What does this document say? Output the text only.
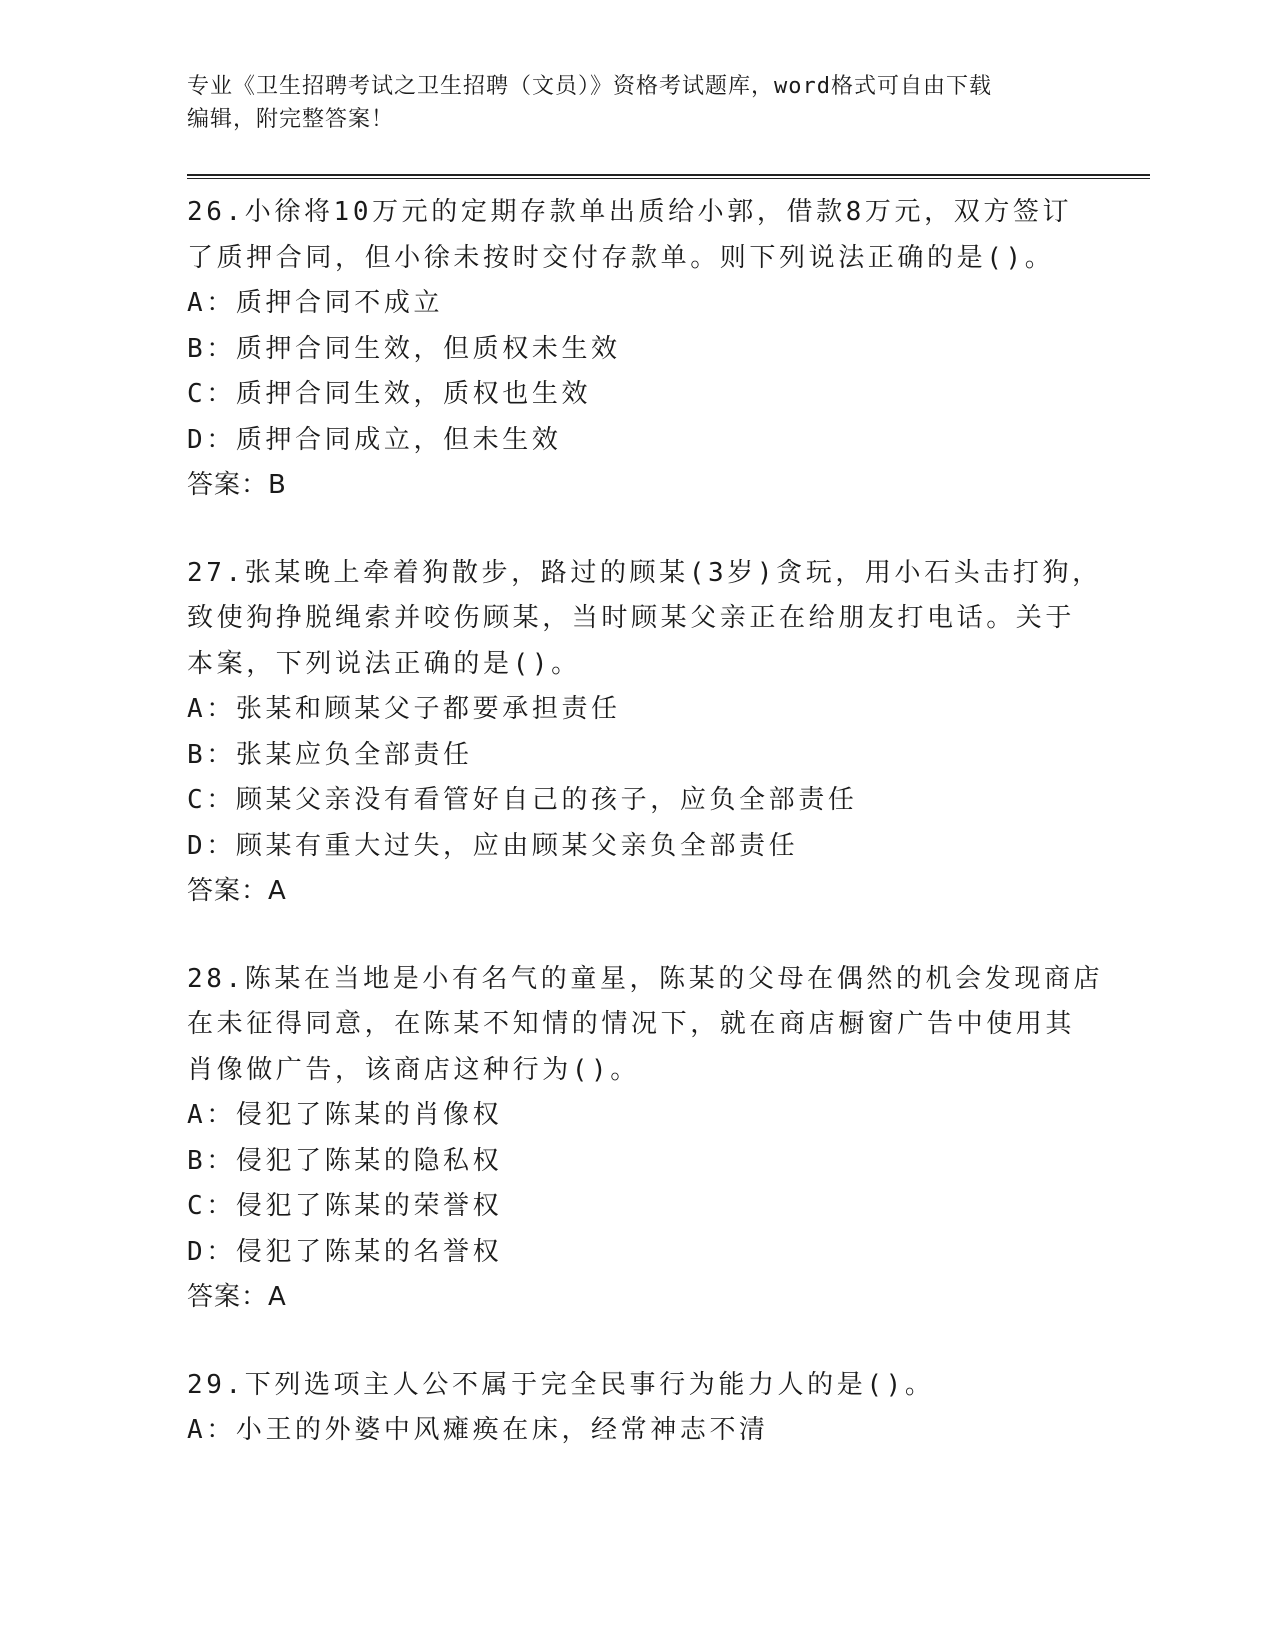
专业《卫生招聘考试之卫生招聘（文员）》资格考试题库，word格式可自由下载
编辑，附完整答案！
26.小徐将10万元的定期存款单出质给小郭，借款8万元，双方签订
了质押合同，但小徐未按时交付存款单。则下列说法正确的是()。
A：质押合同不成立
B：质押合同生效，但质权未生效
C：质押合同生效，质权也生效
D：质押合同成立，但未生效
答案：B
27.张某晚上牵着狗散步，路过的顾某(3岁)贪玩，用小石头击打狗，
致使狗挣脱绳索并咬伤顾某，当时顾某父亲正在给朋友打电话。关于
本案，下列说法正确的是()。
A：张某和顾某父子都要承担责任
B：张某应负全部责任
C：顾某父亲没有看管好自己的孩子，应负全部责任
D：顾某有重大过失，应由顾某父亲负全部责任
答案：A
28.陈某在当地是小有名气的童星，陈某的父母在偶然的机会发现商店
在未征得同意，在陈某不知情的情况下，就在商店橱窗广告中使用其
肖像做广告，该商店这种行为()。
A：侵犯了陈某的肖像权
B：侵犯了陈某的隐私权
C：侵犯了陈某的荣誉权
D：侵犯了陈某的名誉权
答案：A
29.下列选项主人公不属于完全民事行为能力人的是()。
A：小王的外婆中风瘫痪在床，经常神志不清
